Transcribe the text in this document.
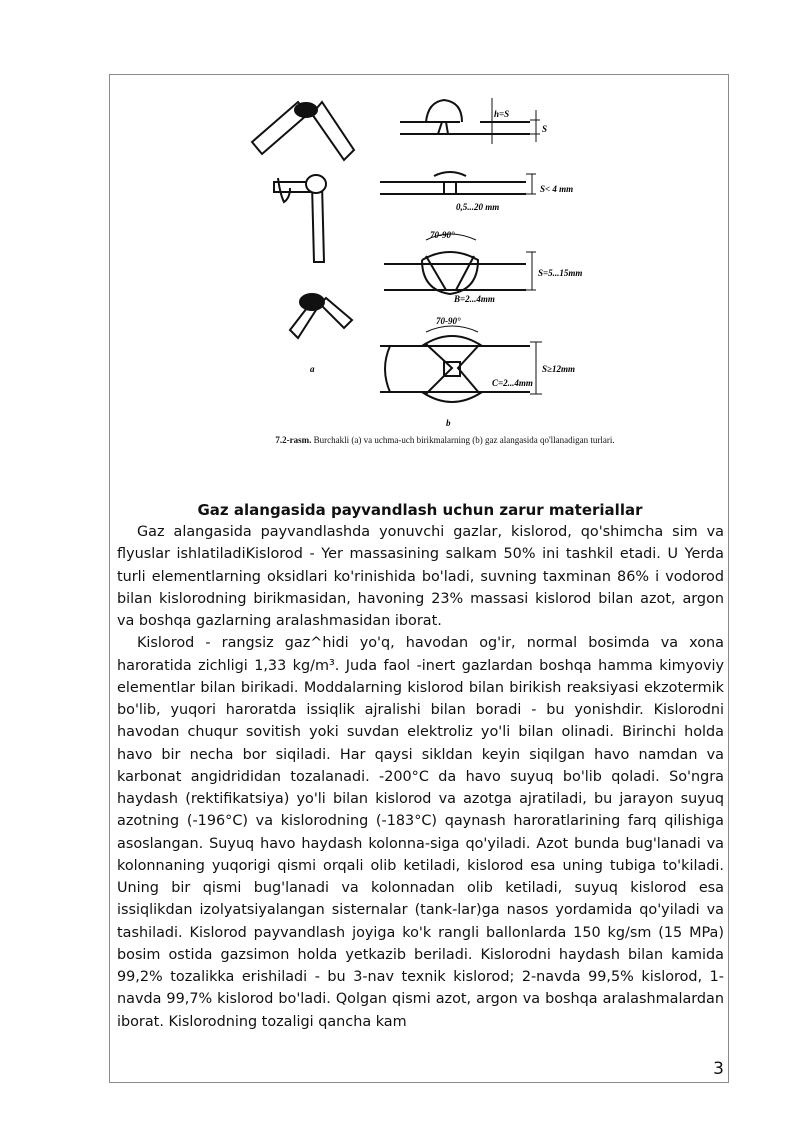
h=S
S
S< 4 mm
0,5...20 mm
70-90°
S=5...15mm
B=2...4mm
70-90°
S≥12mm
C=2...4mm
a
b
7.2-rasm. Burchakli (a) va uchma-uch birikmalarning (b) gaz alangasida qo'llanadigan turlari.
Gaz alangasida payvandlash uchun zarur materiallar

Gaz alangasida payvandlashda yonuvchi gazlar, kislorod, qo'shimcha sim va flyuslar ishlatiladiKislorod - Yer massasining salkam 50% ini tashkil etadi. U Yerda turli elementlarning oksidlari ko'rinishida bo'ladi, suvning taxminan 86% i vodorod bilan kislorodning birikmasidan, havoning 23% massasi kislorod bilan azot, argon va boshqa gazlarning aralashmasidan iborat.

Kislorod - rangsiz gaz^hidi yo'q, havodan og'ir, normal bosimda va xona haroratida zichligi 1,33 kg/m³. Juda faol -inert gazlardan boshqa hamma kimyoviy elementlar bilan birikadi. Moddalarning kislorod bilan birikish reaksiyasi ekzotermik bo'lib, yuqori haroratda issiqlik ajralishi bilan boradi - bu yonishdir. Kislorodni havodan chuqur sovitish yoki suvdan elektroliz yo'li bilan olinadi. Birinchi holda havo bir necha bor siqiladi. Har qaysi sikldan keyin siqilgan havo namdan va karbonat angidrididan tozalanadi. -200°C da havo suyuq bo'lib qoladi. So'ngra haydash (rektifikatsiya) yo'li bilan kislorod va azotga ajratiladi, bu jarayon suyuq azotning (-196°C) va kislorodning (-183°C) qaynash haroratlarining farq qilishiga asoslangan. Suyuq havo haydash kolonna-siga qo'yiladi. Azot bunda bug'lanadi va kolonnaning yuqorigi qismi orqali olib ketiladi, kislorod esa uning tubiga to'kiladi. Uning bir qismi bug'lanadi va kolonnadan olib ketiladi, suyuq kislorod esa issiqlikdan izolyatsiyalangan sisternalar (tank-lar)ga nasos yordamida qo'yiladi va tashiladi. Kislorod payvandlash joyiga ko'k rangli ballonlarda 150 kg/sm (15 MPa) bosim ostida gazsimon holda yetkazib beriladi. Kislorodni haydash bilan kamida 99,2% tozalikka erishiladi - bu 3-nav texnik kislorod; 2-navda 99,5% kislorod, 1-navda 99,7% kislorod bo'ladi. Qolgan qismi azot, argon va boshqa aralashmalardan iborat. Kislorodning tozaligi qancha kam

3
